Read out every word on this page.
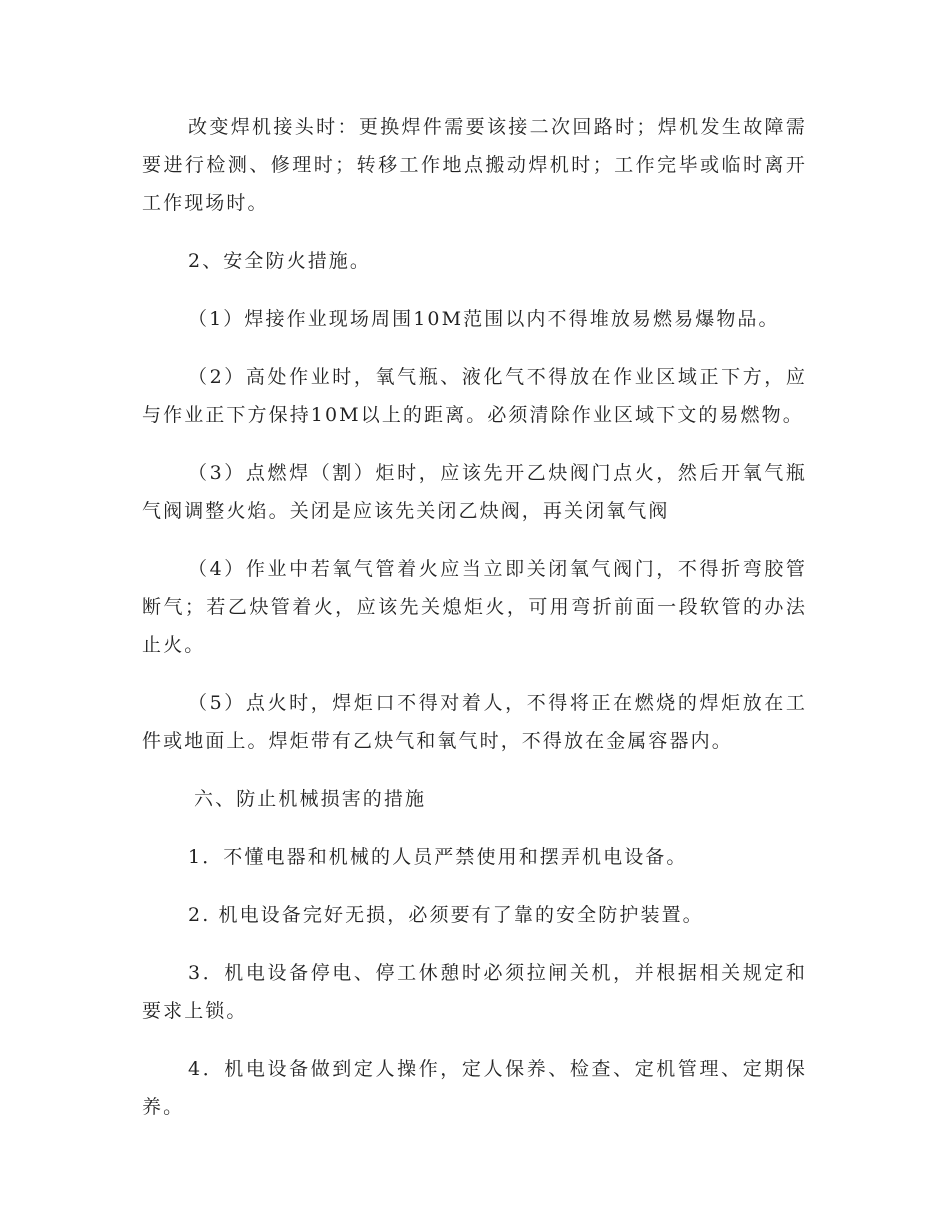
改变焊机接头时：更换焊件需要该接二次回路时；焊机发生故障需要进行检测、修理时；转移工作地点搬动焊机时；工作完毕或临时离开工作现场时。

2、安全防火措施。

（1）焊接作业现场周围10M范围以内不得堆放易燃易爆物品。

（2）高处作业时，氧气瓶、液化气不得放在作业区域正下方，应与作业正下方保持10M以上的距离。必须清除作业区域下文的易燃物。

（3）点燃焊（割）炬时，应该先开乙炔阀门点火，然后开氧气瓶气阀调整火焰。关闭是应该先关闭乙炔阀，再关闭氧气阀

（4）作业中若氧气管着火应当立即关闭氧气阀门，不得折弯胶管断气；若乙炔管着火，应该先关熄炬火，可用弯折前面一段软管的办法止火。

（5）点火时，焊炬口不得对着人，不得将正在燃烧的焊炬放在工件或地面上。焊炬带有乙炔气和氧气时，不得放在金属容器内。

六、防止机械损害的措施

1．不懂电器和机械的人员严禁使用和摆弄机电设备。

2. 机电设备完好无损，必须要有了靠的安全防护装置。

3．机电设备停电、停工休憩时必须拉闸关机，并根据相关规定和要求上锁。

4．机电设备做到定人操作，定人保养、检查、定机管理、定期保养。
